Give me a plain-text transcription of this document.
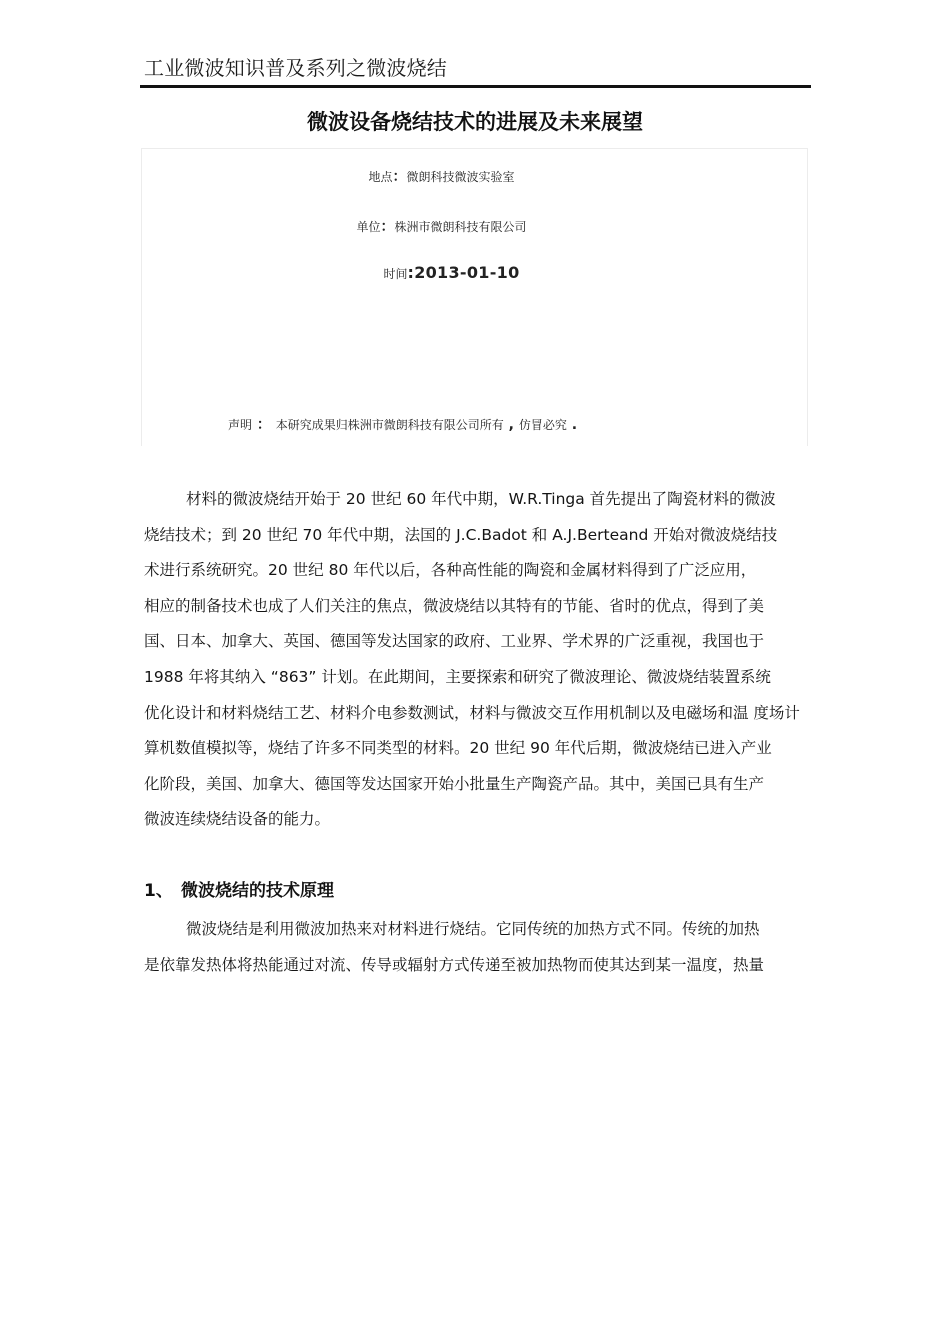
工业微波知识普及系列之微波烧结
微波设备烧结技术的进展及未来展望
地点：微朗科技微波实验室
单位：株洲市微朗科技有限公司
时间:2013-01-10
声明 ： 本研究成果归株洲市微朗科技有限公司所有 , 仿冒必究 .
材料的微波烧结开始于 20 世纪 60 年代中期，W.R.Tinga 首先提出了陶瓷材料的微波
烧结技术；到 20 世纪 70 年代中期，法国的 J.C.Badot 和 A.J.Berteand 开始对微波烧结技
术进行系统研究。20 世纪 80 年代以后，各种高性能的陶瓷和金属材料得到了广泛应用，
相应的制备技术也成了人们关注的焦点，微波烧结以其特有的节能、省时的优点，得到了美
国、日本、加拿大、英国、德国等发达国家的政府、工业界、学术界的广泛重视，我国也于
1988 年将其纳入 “863” 计划。在此期间，主要探索和研究了微波理论、微波烧结装置系统
优化设计和材料烧结工艺、材料介电参数测试，材料与微波交互作用机制以及电磁场和温 度场计
算机数值模拟等，烧结了许多不同类型的材料。20 世纪 90 年代后期，微波烧结已进入产业
化阶段，美国、加拿大、德国等发达国家开始小批量生产陶瓷产品。其中，美国已具有生产
微波连续烧结设备的能力。
1、 微波烧结的技术原理
微波烧结是利用微波加热来对材料进行烧结。它同传统的加热方式不同。传统的加热
是依靠发热体将热能通过对流、传导或辐射方式传递至被加热物而使其达到某一温度，热量
